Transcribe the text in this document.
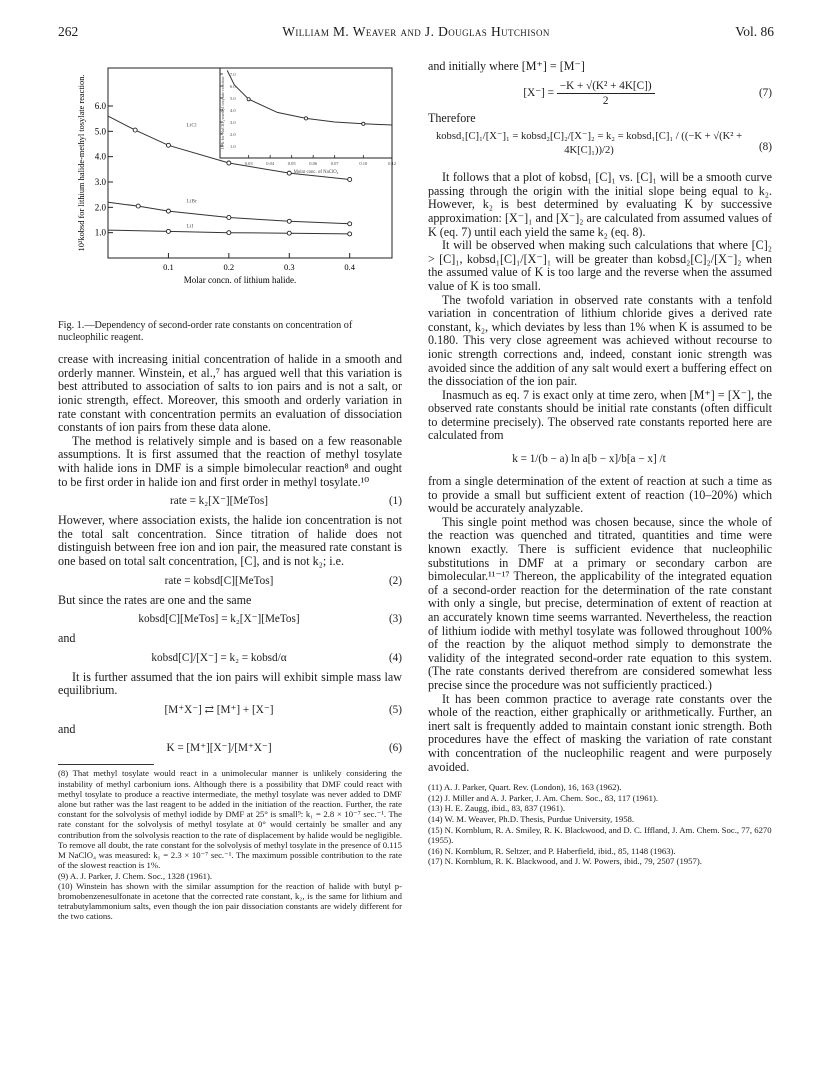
262	William M. Weaver and J. Douglas Hutchison	Vol. 86
1.0
2.0
3.0
4.0
5.0
6.0
0.1	0.2	0.3	0.4
Molar concn. of lithium halide.
10²kobsd for lithium halide-methyl tosylate reaction.	LiCl
LiBr
LiI
1.0
2.0
3.0
4.0
5.0
6.0
7.0
0.03	0.04	0.05	0.06	0.07	0.10	0.12
Molar conc. of NaClO₄
10²k for NaClO₄-methyl tosylate reaction
Fig. 1.—Dependency of second-order rate constants on concentration of nucleophilic reagent.

crease with increasing initial concentration of halide in a smooth and orderly manner. Winstein, et al.,⁷ has argued well that this variation is best attributed to association of salts to ion pairs and is not a salt, or ionic strength, effect. Moreover, this smooth and orderly variation in rate constant with concentration permits an evaluation of dissociation constants of ion pairs from these data alone.

The method is relatively simple and is based on a few reasonable assumptions. It is first assumed that the reaction of methyl tosylate with halide ions in DMF is a simple bimolecular reaction⁸ and ought to be first order in halide ion and first order in methyl tosylate.¹⁰

rate = k₂[X⁻][MeTos]	(1)

However, where association exists, the halide ion concentration is not the total salt concentration. Since titration of halide does not distinguish between free ion and ion pair, the measured rate constant is one based on total salt concentration, [C], and is not k₂; i.e.

rate = kobsd[C][MeTos]	(2)

But since the rates are one and the same

kobsd[C][MeTos] = k₂[X⁻][MeTos]	(3)

and

kobsd[C]/[X⁻] = k₂ = kobsd/α	(4)

It is further assumed that the ion pairs will exhibit simple mass law equilibrium.

[M⁺X⁻] ⇄ [M⁺] + [X⁻]	(5)

and

K = [M⁺][X⁻]/[M⁺X⁻]	(6)

(8) That methyl tosylate would react in a unimolecular manner is unlikely considering the instability of methyl carbonium ions. Although there is a possibility that DMF could react with methyl tosylate to produce a reactive intermediate, the methyl tosylate was never added to DMF alone but rather was the last reagent to be added in the initiation of the reaction. Further, the rate constant for the solvolysis of methyl iodide by DMF at 25° is small⁹: k₁ = 2.8 × 10⁻⁷ sec.⁻¹. The rate constant for the solvolysis of methyl tosylate at 0° would certainly be smaller and any contribution from the solvolysis reaction to the rate of displacement by halide would be negligible. To remove all doubt, the rate constant for the solvolysis of methyl tosylate in the presence of 0.115 M NaClO₄ was measured: k₁ = 2.3 × 10⁻⁷ sec.⁻¹. The maximum possible contribution to the rate of the slowest reaction is 1%.

(9) A. J. Parker, J. Chem. Soc., 1328 (1961).

(10) Winstein has shown with the similar assumption for the reaction of halide with butyl p-bromobenzenesulfonate in acetone that the corrected rate constant, k₂, is the same for lithium and tetrabutylammonium salts, even though the ion pair dissociation constants are widely different for the two cations.

and initially where [M⁺] = [M⁻]

$[X^-] = \frac{\text{−K + √(K² + 4K[C])}}{2}$	(7)

Therefore

kobsd₁[C]₁/[X⁻]₁ = kobsd₂[C]₂/[X⁻]₂ = k₂ = kobsd₁[C]₁ / ((−K + √(K² + 4K[C]₁))/2)	(8)

It follows that a plot of kobsd₁ [C]₁ vs. [C]₁ will be a smooth curve passing through the origin with the initial slope being equal to k₂. However, k₂ is best determined by evaluating K by successive approximation: [X⁻]₁ and [X⁻]₂ are calculated from assumed values of K (eq. 7) until each yield the same k₂ (eq. 8).

It will be observed when making such calculations that where [C]₂ > [C]₁, kobsd₁[C]₁/[X⁻]₁ will be greater than kobsd₂[C]₂/[X⁻]₂ when the assumed value of K is too large and the reverse when the assumed value of K is too small.

The twofold variation in observed rate constants with a tenfold variation in concentration of lithium chloride gives a derived rate constant, k₂, which deviates by less than 1% when K is assumed to be 0.180. This very close agreement was achieved without recourse to ionic strength corrections and, indeed, constant ionic strength was avoided since the addition of any salt would exert a buffering effect on the dissociation of the ion pair.

Inasmuch as eq. 7 is exact only at time zero, when [M⁺] = [X⁻], the observed rate constants should be initial rate constants (often difficult to determine precisely). The observed rate constants reported here are calculated from

k = 1/(b − a) ln a[b − x]/b[a − x] /t

from a single determination of the extent of reaction at such a time as to provide a small but sufficient extent of reaction (10–20%) which would be accurately analyzable.

This single point method was chosen because, since the whole of the reaction was quenched and titrated, quantities and time were known exactly. There is sufficient evidence that nucleophilic substitutions in DMF at a primary or secondary carbon are bimolecular.¹¹⁻¹⁷ Thereon, the applicability of the integrated equation of a second-order reaction for the determination of the rate constant with only a single, but precise, determination of extent of reaction at an accurately known time seems warranted. Nevertheless, the reaction of lithium iodide with methyl tosylate was followed throughout 100% of the reaction by the aliquot method simply to demonstrate the validity of the integrated second-order rate equation to this system. (The rate constants derived therefrom are considered somewhat less precise since the procedure was not sufficiently practiced.)

It has been common practice to average rate constants over the whole of the reaction, either graphically or arithmetically. Further, an inert salt is frequently added to maintain constant ionic strength. Both procedures have the effect of masking the variation of rate constant with concentration of the nucleophilic reagent and were purposely avoided.

(11) A. J. Parker, Quart. Rev. (London), 16, 163 (1962).

(12) J. Miller and A. J. Parker, J. Am. Chem. Soc., 83, 117 (1961).

(13) H. E. Zaugg, ibid., 83, 837 (1961).

(14) W. M. Weaver, Ph.D. Thesis, Purdue University, 1958.

(15) N. Kornblum, R. A. Smiley, R. K. Blackwood, and D. C. Iffland, J. Am. Chem. Soc., 77, 6270 (1955).

(16) N. Kornblum, R. Seltzer, and P. Haberfield, ibid., 85, 1148 (1963).

(17) N. Kornblum, R. K. Blackwood, and J. W. Powers, ibid., 79, 2507 (1957).
